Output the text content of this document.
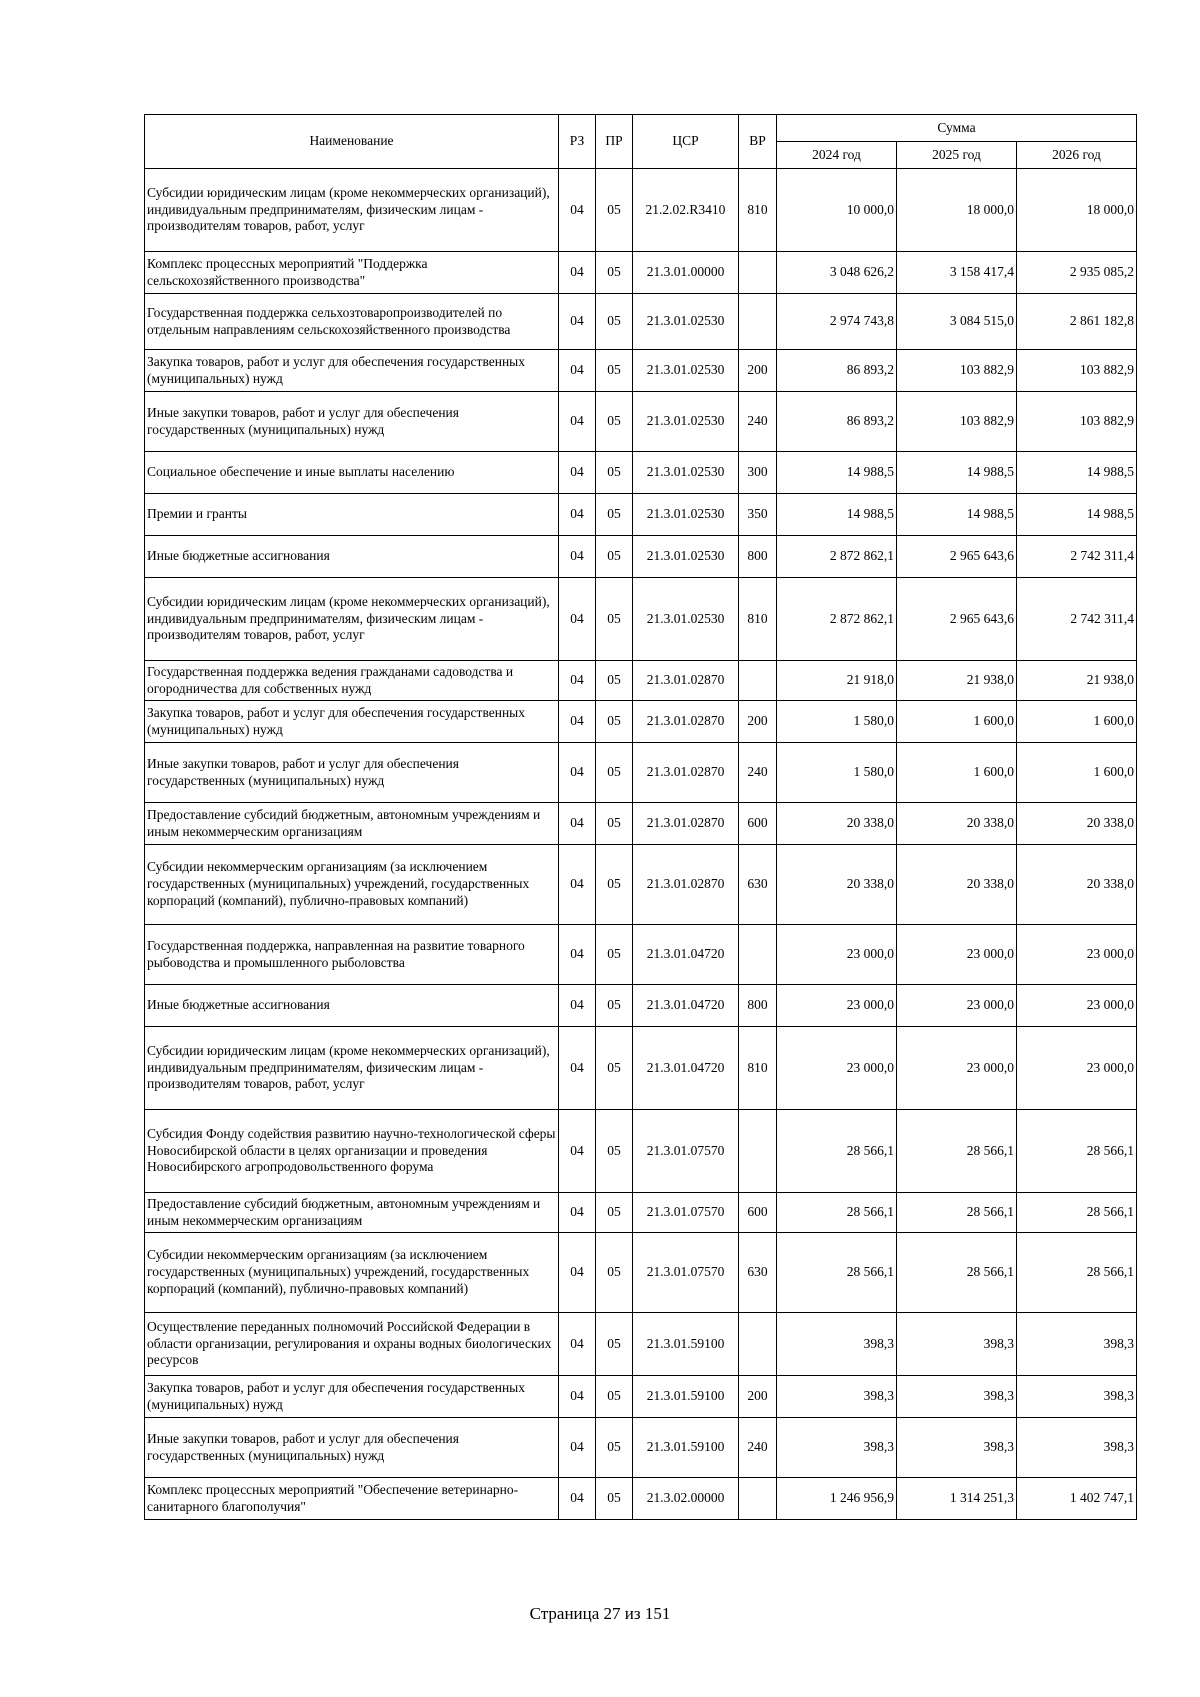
Наименование	РЗ	ПР	ЦСР	ВР	Сумма		
					2024 год	2025 год	2026 год
Субсидии юридическим лицам (кроме некоммерческих организаций), индивидуальным предпринимателям, физическим лицам - производителям товаров, работ, услуг	04	05	21.2.02.R3410	810	10 000,0	18 000,0	18 000,0
Комплекс процессных мероприятий "Поддержка сельскохозяйственного производства"	04	05	21.3.01.00000		3 048 626,2	3 158 417,4	2 935 085,2
Государственная поддержка сельхозтоваропроизводителей по отдельным направлениям сельскохозяйственного производства	04	05	21.3.01.02530		2 974 743,8	3 084 515,0	2 861 182,8
Закупка товаров, работ и услуг для обеспечения государственных (муниципальных) нужд	04	05	21.3.01.02530	200	86 893,2	103 882,9	103 882,9
Иные закупки товаров, работ и услуг для обеспечения государственных (муниципальных) нужд	04	05	21.3.01.02530	240	86 893,2	103 882,9	103 882,9
Социальное обеспечение и иные выплаты населению	04	05	21.3.01.02530	300	14 988,5	14 988,5	14 988,5
Премии и гранты	04	05	21.3.01.02530	350	14 988,5	14 988,5	14 988,5
Иные бюджетные ассигнования	04	05	21.3.01.02530	800	2 872 862,1	2 965 643,6	2 742 311,4
Субсидии юридическим лицам (кроме некоммерческих организаций), индивидуальным предпринимателям, физическим лицам - производителям товаров, работ, услуг	04	05	21.3.01.02530	810	2 872 862,1	2 965 643,6	2 742 311,4
Государственная поддержка ведения гражданами садоводства и огородничества для собственных нужд	04	05	21.3.01.02870		21 918,0	21 938,0	21 938,0
Закупка товаров, работ и услуг для обеспечения государственных (муниципальных) нужд	04	05	21.3.01.02870	200	1 580,0	1 600,0	1 600,0
Иные закупки товаров, работ и услуг для обеспечения государственных (муниципальных) нужд	04	05	21.3.01.02870	240	1 580,0	1 600,0	1 600,0
Предоставление субсидий бюджетным, автономным учреждениям и иным некоммерческим организациям	04	05	21.3.01.02870	600	20 338,0	20 338,0	20 338,0
Субсидии некоммерческим организациям (за исключением государственных (муниципальных) учреждений, государственных корпораций (компаний), публично-правовых компаний)	04	05	21.3.01.02870	630	20 338,0	20 338,0	20 338,0
Государственная поддержка, направленная на развитие товарного рыбоводства и промышленного рыболовства	04	05	21.3.01.04720		23 000,0	23 000,0	23 000,0
Иные бюджетные ассигнования	04	05	21.3.01.04720	800	23 000,0	23 000,0	23 000,0
Субсидии юридическим лицам (кроме некоммерческих организаций), индивидуальным предпринимателям, физическим лицам - производителям товаров, работ, услуг	04	05	21.3.01.04720	810	23 000,0	23 000,0	23 000,0
Субсидия Фонду содействия развитию научно-технологической сферы Новосибирской области в целях организации и проведения Новосибирского агропродовольственного форума	04	05	21.3.01.07570		28 566,1	28 566,1	28 566,1
Предоставление субсидий бюджетным, автономным учреждениям и иным некоммерческим организациям	04	05	21.3.01.07570	600	28 566,1	28 566,1	28 566,1
Субсидии некоммерческим организациям (за исключением государственных (муниципальных) учреждений, государственных корпораций (компаний), публично-правовых компаний)	04	05	21.3.01.07570	630	28 566,1	28 566,1	28 566,1
Осуществление переданных полномочий Российской Федерации в области организации, регулирования и охраны водных биологических ресурсов	04	05	21.3.01.59100		398,3	398,3	398,3
Закупка товаров, работ и услуг для обеспечения государственных (муниципальных) нужд	04	05	21.3.01.59100	200	398,3	398,3	398,3
Иные закупки товаров, работ и услуг для обеспечения государственных (муниципальных) нужд	04	05	21.3.01.59100	240	398,3	398,3	398,3
Комплекс процессных мероприятий "Обеспечение ветеринарно-санитарного благополучия"	04	05	21.3.02.00000		1 246 956,9	1 314 251,3	1 402 747,1
Страница 27 из 151
